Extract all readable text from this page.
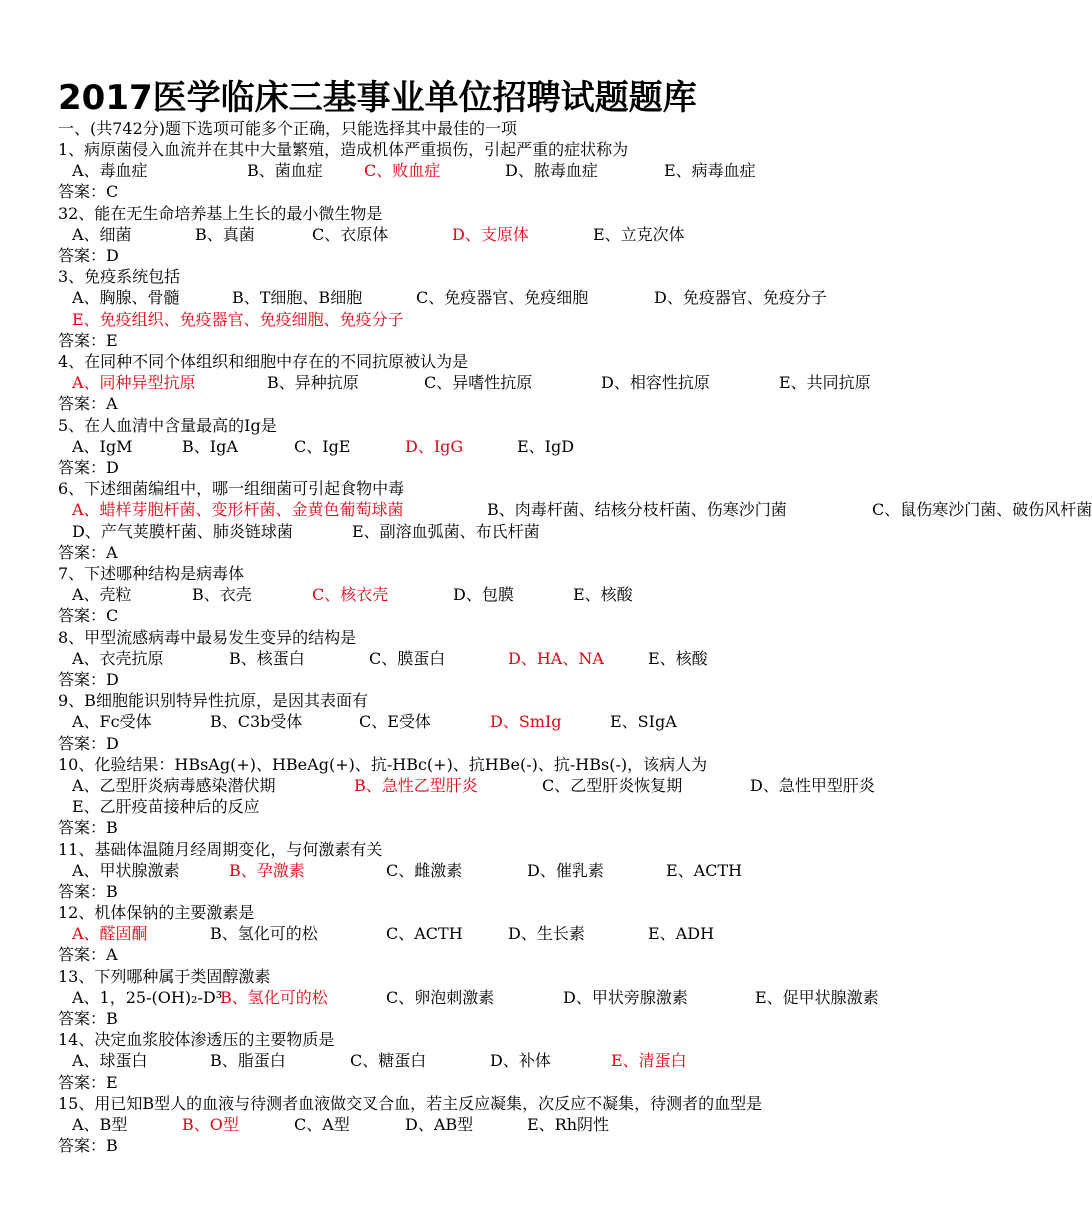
2017医学临床三基事业单位招聘试题题库
一、(共742分)题下选项可能多个正确，只能选择其中最佳的一项
1、病原菌侵入血流并在其中大量繁殖，造成机体严重损伤，引起严重的症状称为
A、毒血症	B、菌血症	C、败血症	D、脓毒血症	E、病毒血症
答案：C
32、能在无生命培养基上生长的最小微生物是
A、细菌	B、真菌	C、衣原体	D、支原体	E、立克次体
答案：D
3、免疫系统包括
A、胸腺、骨髓	B、T细胞、B细胞	C、免疫器官、免疫细胞	D、免疫器官、免疫分子
E、免疫组织、免疫器官、免疫细胞、免疫分子
答案：E
4、在同种不同个体组织和细胞中存在的不同抗原被认为是
A、同种异型抗原	B、异种抗原	C、异嗜性抗原	D、相容性抗原	E、共同抗原
答案：A
5、在人血清中含量最高的Ig是
A、IgM	B、IgA	C、IgE	D、IgG	E、IgD
答案：D
6、下述细菌编组中，哪一组细菌可引起食物中毒
A、蜡样芽胞杆菌、变形杆菌、金黄色葡萄球菌	B、肉毒杆菌、结核分枝杆菌、伤寒沙门菌	C、鼠伤寒沙门菌、破伤风杆菌
D、产气荚膜杆菌、肺炎链球菌	E、副溶血弧菌、布氏杆菌
答案：A
7、下述哪种结构是病毒体
A、壳粒	B、衣壳	C、核衣壳	D、包膜	E、核酸
答案：C
8、甲型流感病毒中最易发生变异的结构是
A、衣壳抗原	B、核蛋白	C、膜蛋白	D、HA、NA	E、核酸
答案：D
9、B细胞能识别特异性抗原，是因其表面有
A、Fc受体	B、C3b受体	C、E受体	D、SmIg	E、SIgA
答案：D
10、化验结果：HBsAg(+)、HBeAg(+)、抗-HBc(+)、抗HBe(-)、抗-HBs(-)，该病人为
A、乙型肝炎病毒感染潜伏期	B、急性乙型肝炎	C、乙型肝炎恢复期	D、急性甲型肝炎
E、乙肝疫苗接种后的反应
答案：B
11、基础体温随月经周期变化，与何激素有关
A、甲状腺激素	B、孕激素	C、雌激素	D、催乳素	E、ACTH
答案：B
12、机体保钠的主要激素是
A、醛固酮	B、氢化可的松	C、ACTH	D、生长素	E、ADH
答案：A
13、下列哪种属于类固醇激素
A、1，25-(OH)₂-D³
B、氢化可的松	C、卵泡刺激素	D、甲状旁腺激素	E、促甲状腺激素
答案：B
14、决定血浆胶体渗透压的主要物质是
A、球蛋白	B、脂蛋白	C、糖蛋白	D、补体	E、清蛋白
答案：E
15、用已知B型人的血液与待测者血液做交叉合血，若主反应凝集，次反应不凝集，待测者的血型是
A、B型	B、O型	C、A型	D、AB型	E、Rh阴性
答案：B
